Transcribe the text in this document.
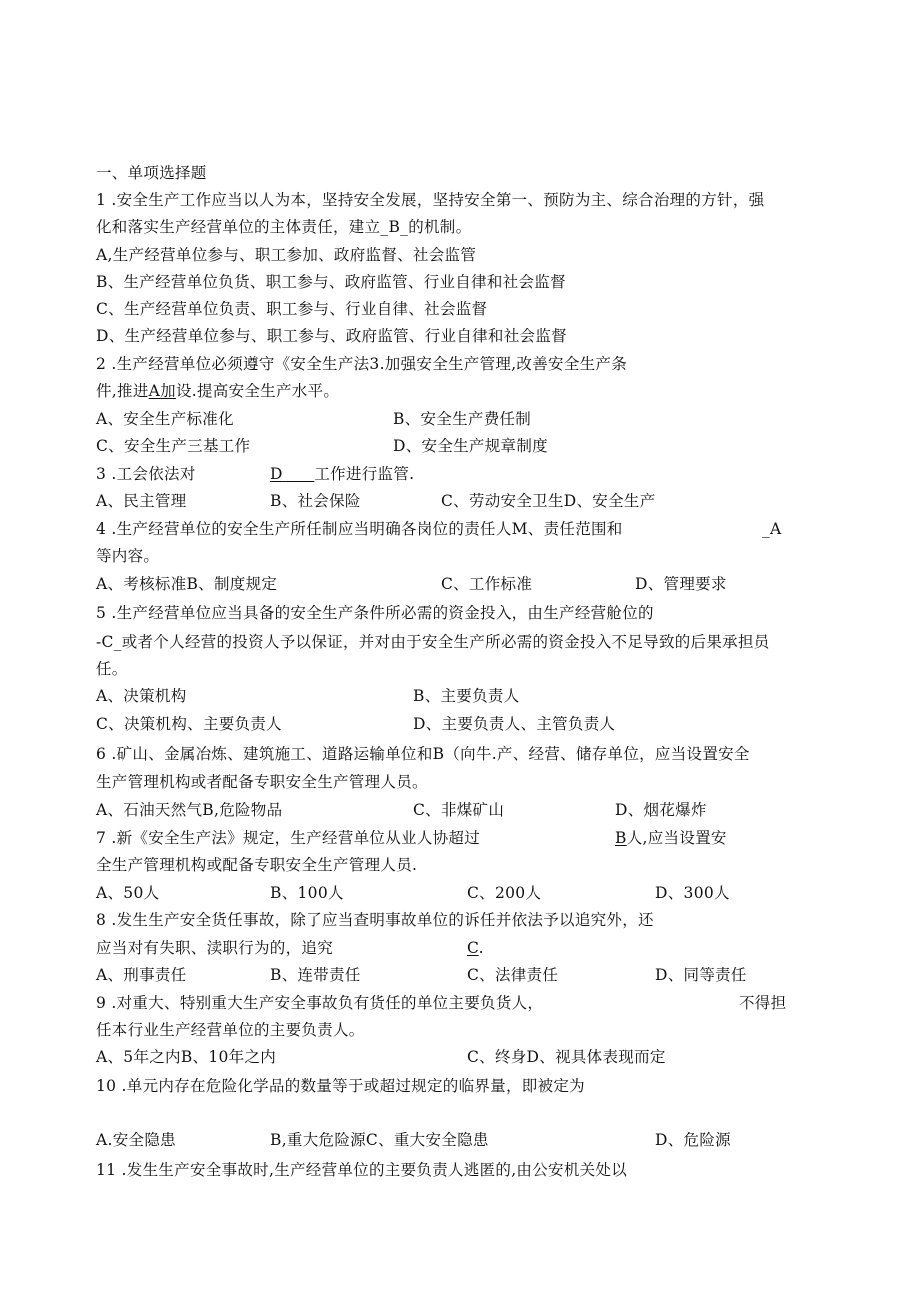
一、单项选择题
1 .安全生产工作应当以人为本，坚持安全发展，坚持安全第一、预防为主、综合治理的方针，强
化和落实生产经营单位的主体责任，建立_B_的机制。
A,生产经营单位参与、职工参加、政府监督、社会监管
B、生产经营单位负货、职工参与、政府监管、行业自律和社会监督
C、生产经营单位负责、职工参与、行业自律、社会监督
D、生产经营单位参与、职工参与、政府监管、行业自律和社会监督
2 .生产经营单位必须遵守《安全生产法3.加强安全生产管理,改善安全生产条
件,推进A加设.提高安全生产水平。
A、安全生产标准化	B、安全生产费任制
C、安全生产三基工作	D、安全生产规章制度
3 .工会依法对	D　　 工作进行监管.
A、民主管理	B、社会保险	C、劳动安全卫生D、安全生产
4 .生产经营单位的安全生产所任制应当明确各岗位的责任人M、责任范围和	_A
等内容。
A、考核标准B、制度规定	C、工作标准	D、管理要求
5 .生产经营单位应当具备的安全生产条件所必需的资金投入，由生产经营舱位的
-C_或者个人经营的投资人予以保证，并对由于安全生产所必需的资金投入不足导致的后果承担员
任。
A、决策机构	B、主要负责人
C、决策机构、主要负责人	D、主要负责人、主管负责人
6 .矿山、金属冶炼、建筑施工、道路运输单位和B（向牛.产、经营、储存单位，应当设置安全
生产管理机构或者配备专职安全生产管理人员。
A、石油天然气B,危险物品	C、非煤矿山	D、烟花爆炸
7 .新《安全生产法》规定，生产经营单位从业人协超过	B人,应当设置安
全生产管理机构或配备专职安全生产管理人员.
A、50人	B、100人	C、200人	D、300人
8 .发生生产安全货任事故，除了应当查明事故单位的诉任并依法予以追究外，还
应当对有失职、渎职行为的，追究	C.
A、刑事责任	B、连带责任	C、法律责任	D、同等责任
9 .对重大、特别重大生产安全事故负有货任的单位主要负货人，	不得担
任本行业生产经营单位的主要负责人。
A、5年之内B、10年之内	C、终身D、视具体表现而定
10 .单元内存在危险化学品的数量等于或超过规定的临界量，即被定为
A.安全隐患	B,重大危险源C、重大安全隐患	D、危险源
11 .发生生产安全事故时,生产经营单位的主要负责人逃匿的,由公安机关处以
